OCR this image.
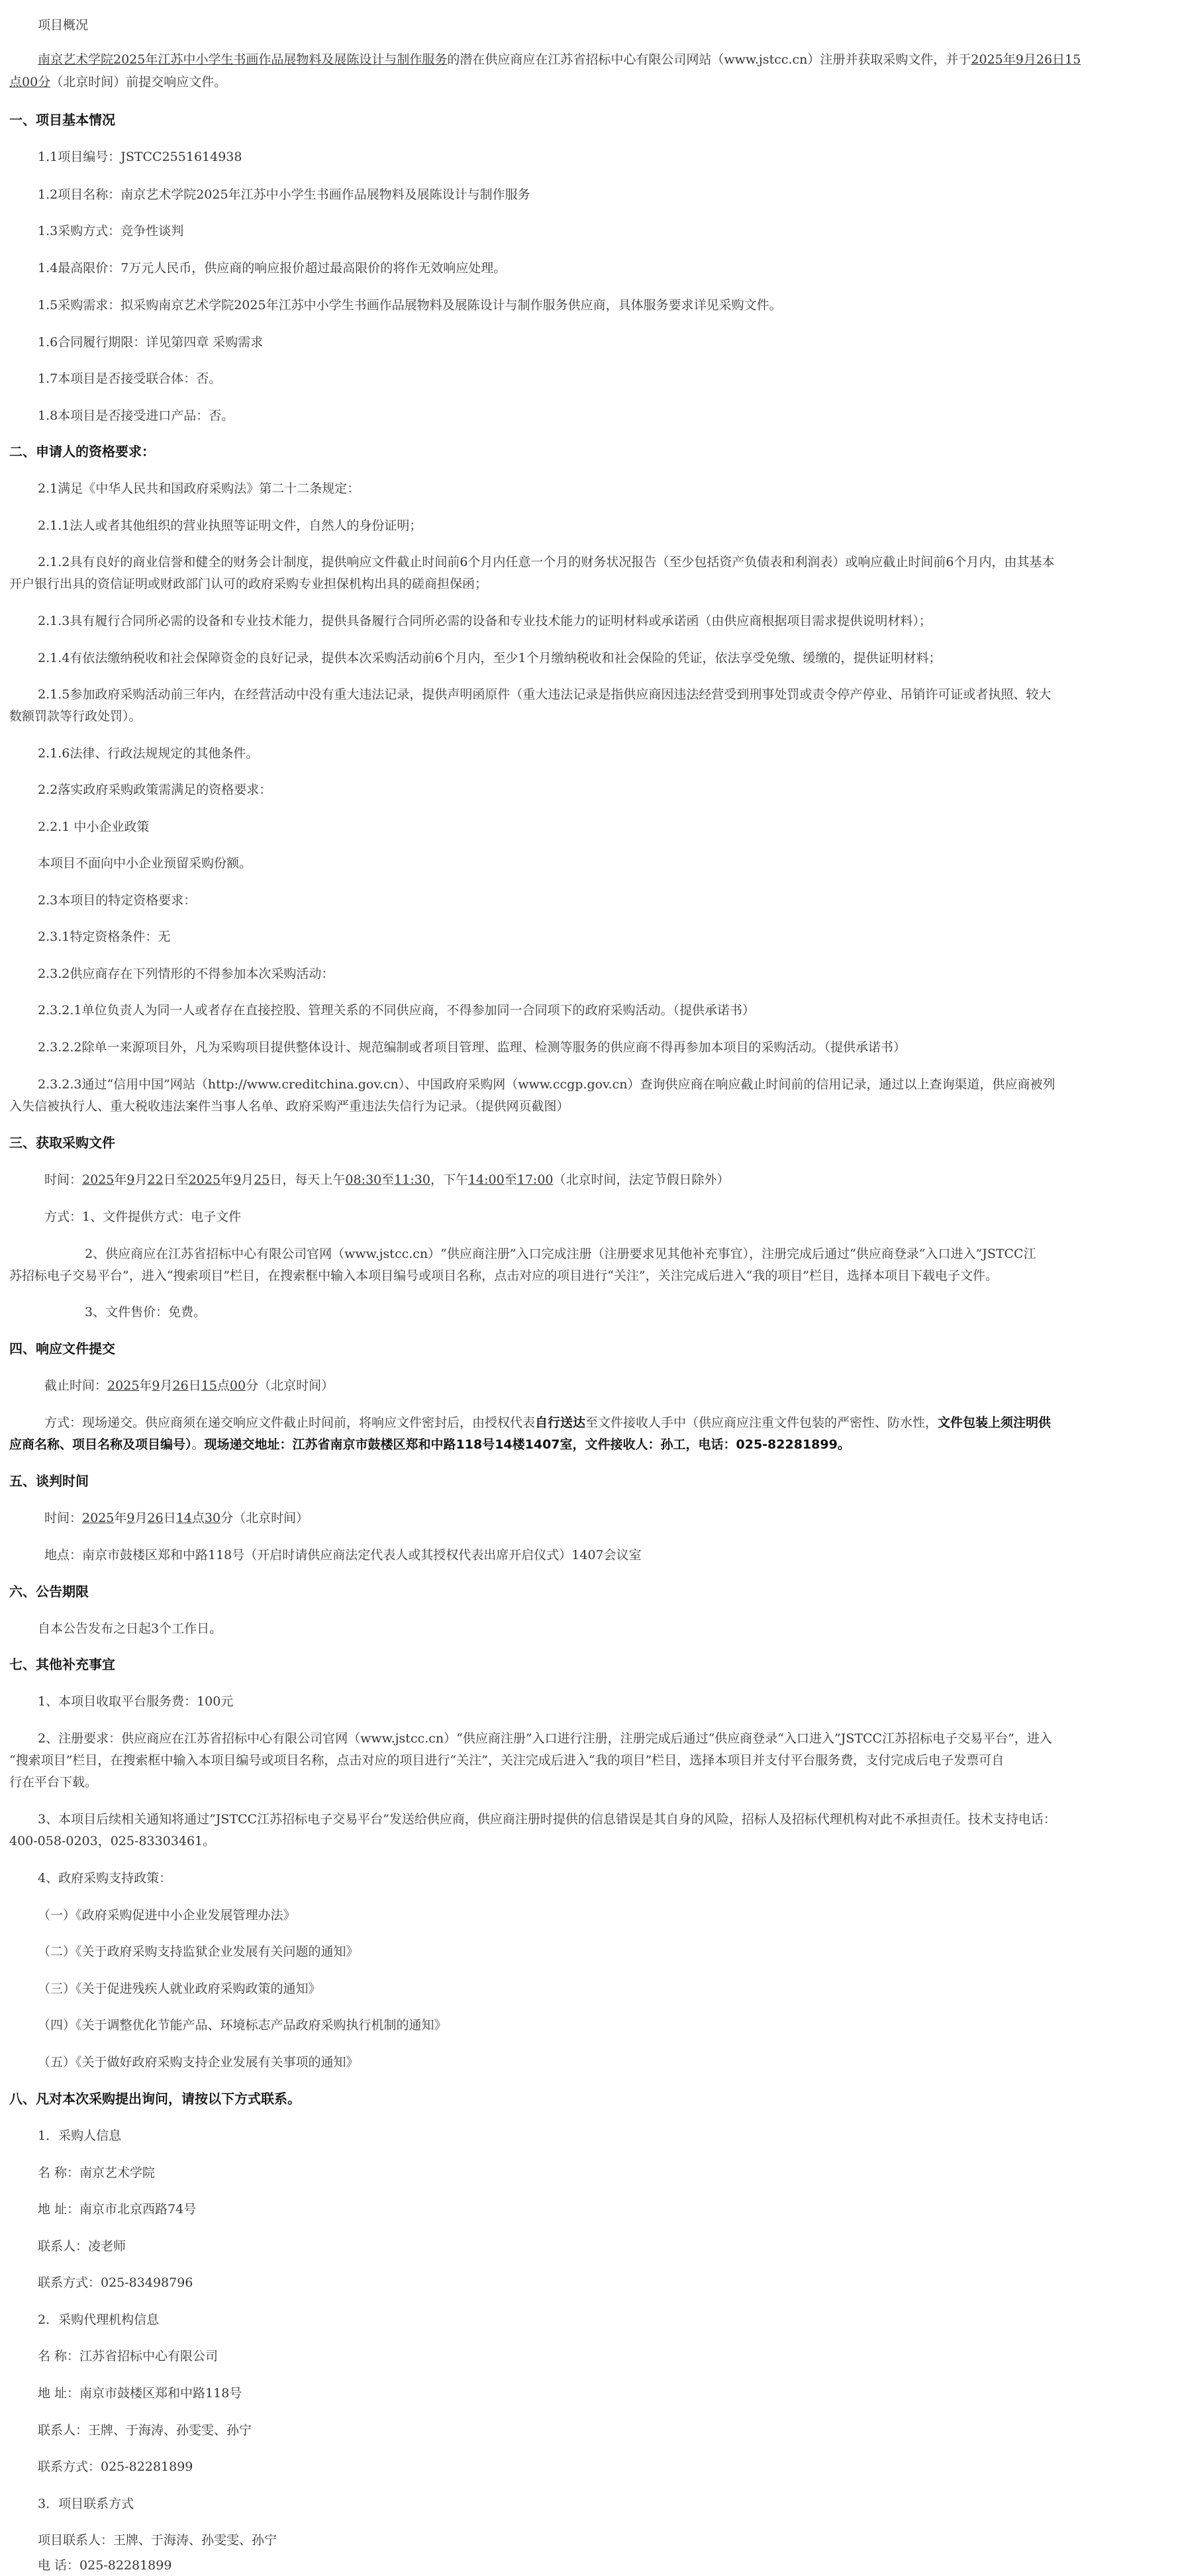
项目概况
南京艺术学院2025年江苏中小学生书画作品展物料及展陈设计与制作服务的潜在供应商应在江苏省招标中心有限公司网站（www.jstcc.cn）注册并获取采购文件，并于2025年9月26日15
点00分（北京时间）前提交响应文件。
一、项目基本情况
1.1项目编号：JSTCC2551614938
1.2项目名称：南京艺术学院2025年江苏中小学生书画作品展物料及展陈设计与制作服务
1.3采购方式：竞争性谈判
1.4最高限价：7万元人民币，供应商的响应报价超过最高限价的将作无效响应处理。
1.5采购需求：拟采购南京艺术学院2025年江苏中小学生书画作品展物料及展陈设计与制作服务供应商，具体服务要求详见采购文件。
1.6合同履行期限：详见第四章 采购需求
1.7本项目是否接受联合体：否。
1.8本项目是否接受进口产品：否。
二、申请人的资格要求：
2.1满足《中华人民共和国政府采购法》第二十二条规定：
2.1.1法人或者其他组织的营业执照等证明文件，自然人的身份证明；
2.1.2具有良好的商业信誉和健全的财务会计制度，提供响应文件截止时间前6个月内任意一个月的财务状况报告（至少包括资产负债表和利润表）或响应截止时间前6个月内，由其基本
开户银行出具的资信证明或财政部门认可的政府采购专业担保机构出具的磋商担保函；
2.1.3具有履行合同所必需的设备和专业技术能力，提供具备履行合同所必需的设备和专业技术能力的证明材料或承诺函（由供应商根据项目需求提供说明材料）；
2.1.4有依法缴纳税收和社会保障资金的良好记录，提供本次采购活动前6个月内，至少1个月缴纳税收和社会保险的凭证，依法享受免缴、缓缴的，提供证明材料；
2.1.5参加政府采购活动前三年内，在经营活动中没有重大违法记录，提供声明函原件（重大违法记录是指供应商因违法经营受到刑事处罚或责令停产停业、吊销许可证或者执照、较大
数额罚款等行政处罚）。
2.1.6法律、行政法规规定的其他条件。
2.2落实政府采购政策需满足的资格要求：
2.2.1 中小企业政策
本项目不面向中小企业预留采购份额。
2.3本项目的特定资格要求：
2.3.1特定资格条件：无
2.3.2供应商存在下列情形的不得参加本次采购活动：
2.3.2.1单位负责人为同一人或者存在直接控股、管理关系的不同供应商，不得参加同一合同项下的政府采购活动。（提供承诺书）
2.3.2.2除单一来源项目外，凡为采购项目提供整体设计、规范编制或者项目管理、监理、检测等服务的供应商不得再参加本项目的采购活动。（提供承诺书）
2.3.2.3通过“信用中国”网站（http://www.creditchina.gov.cn）、中国政府采购网（www.ccgp.gov.cn）查询供应商在响应截止时间前的信用记录，通过以上查询渠道，供应商被列
入失信被执行人、重大税收违法案件当事人名单、政府采购严重违法失信行为记录。（提供网页截图）
三、获取采购文件
时间：2025年9月22日至2025年9月25日，每天上午08:30至11:30，下午14:00至17:00（北京时间，法定节假日除外）
方式：1、文件提供方式：电子文件
2、供应商应在江苏省招标中心有限公司官网（www.jstcc.cn）“供应商注册”入口完成注册（注册要求见其他补充事宜），注册完成后通过“供应商登录“入口进入”JSTCC江
苏招标电子交易平台”，进入“搜索项目”栏目，在搜索框中输入本项目编号或项目名称，点击对应的项目进行“关注”，关注完成后进入“我的项目”栏目，选择本项目下载电子文件。
3、文件售价：免费。
四、响应文件提交
截止时间：2025年9月26日15点00分（北京时间）
方式：现场递交。供应商须在递交响应文件截止时间前，将响应文件密封后，由授权代表自行送达至文件接收人手中（供应商应注重文件包装的严密性、防水性，文件包装上须注明供
应商名称、项目名称及项目编号）。现场递交地址：江苏省南京市鼓楼区郑和中路118号14楼1407室，文件接收人：孙工，电话：025-82281899。
五、谈判时间
时间：2025年9月26日14点30分（北京时间）
地点：南京市鼓楼区郑和中路118号（开启时请供应商法定代表人或其授权代表出席开启仪式）1407会议室
六、公告期限
自本公告发布之日起3个工作日。
七、其他补充事宜
1、本项目收取平台服务费：100元
2、注册要求：供应商应在江苏省招标中心有限公司官网（www.jstcc.cn）“供应商注册”入口进行注册，注册完成后通过“供应商登录“入口进入”JSTCC江苏招标电子交易平台”，进入
“搜索项目”栏目，在搜索框中输入本项目编号或项目名称，点击对应的项目进行“关注”，关注完成后进入“我的项目”栏目，选择本项目并支付平台服务费，支付完成后电子发票可自
行在平台下载。
3、本项目后续相关通知将通过”JSTCC江苏招标电子交易平台”发送给供应商，供应商注册时提供的信息错误是其自身的风险，招标人及招标代理机构对此不承担责任。技术支持电话：
400-058-0203，025-83303461。
4、政府采购支持政策：
（一）《政府采购促进中小企业发展管理办法》
（二）《关于政府采购支持监狱企业发展有关问题的通知》
（三）《关于促进残疾人就业政府采购政策的通知》
（四）《关于调整优化节能产品、环境标志产品政府采购执行机制的通知》
（五）《关于做好政府采购支持企业发展有关事项的通知》
八、凡对本次采购提出询问，请按以下方式联系。
1．采购人信息
名 称：南京艺术学院
地 址：南京市北京西路74号
联系人：凌老师
联系方式：025-83498796
2．采购代理机构信息
名 称：江苏省招标中心有限公司
地 址：南京市鼓楼区郑和中路118号
联系人：王牌、于海涛、孙雯雯、孙宁
联系方式：025-82281899
3．项目联系方式
项目联系人：王牌、于海涛、孙雯雯、孙宁
电 话：025-82281899
